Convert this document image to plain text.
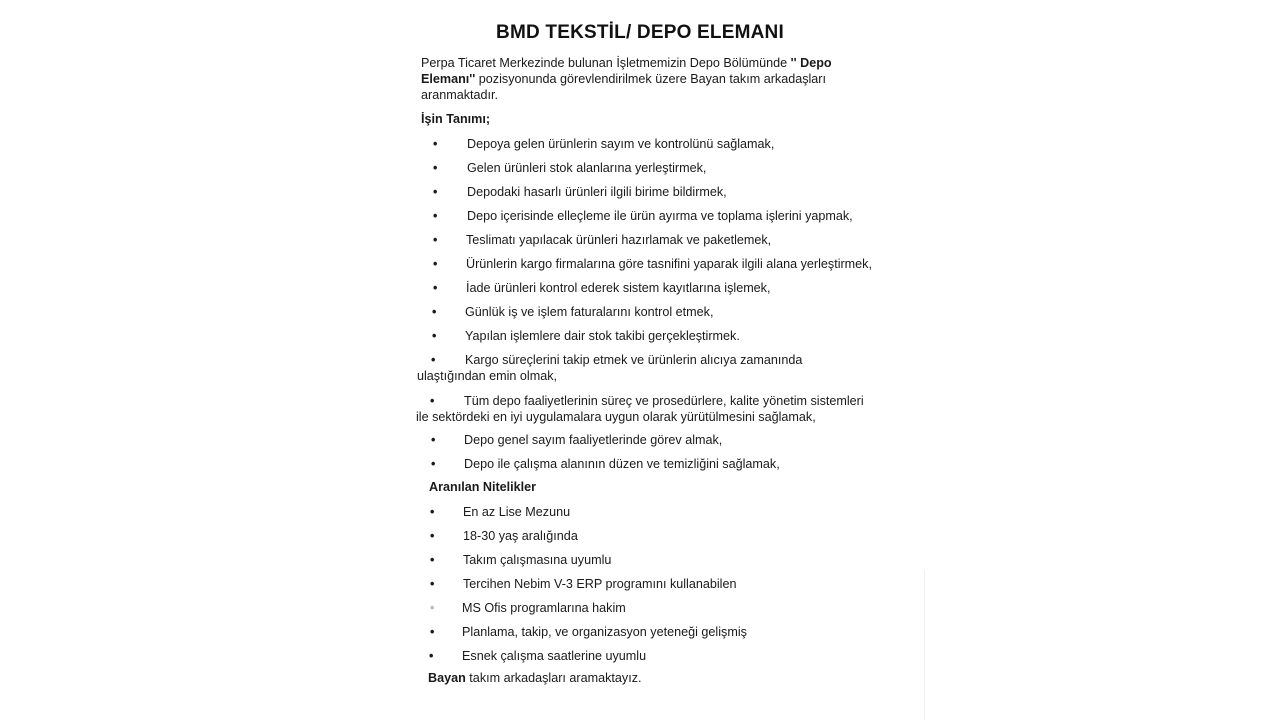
BMD TEKSTİL/ DEPO ELEMANI
Perpa Ticaret Merkezinde bulunan İşletmemizin Depo Bölümünde '' Depo Elemanı'' pozisyonunda görevlendirilmek üzere Bayan takım arkadaşları aranmaktadır.
İşin Tanımı;
• Depoya gelen ürünlerin sayım ve kontrolünü sağlamak,
• Gelen ürünleri stok alanlarına yerleştirmek,
• Depodaki hasarlı ürünleri ilgili birime bildirmek,
• Depo içerisinde elleçleme ile ürün ayırma ve toplama işlerini yapmak,
• Teslimatı yapılacak ürünleri hazırlamak ve paketlemek,
• Ürünlerin kargo firmalarına göre tasnifini yaparak ilgili alana yerleştirmek,
• İade ürünleri kontrol ederek sistem kayıtlarına işlemek,
• Günlük iş ve işlem faturalarını kontrol etmek,
• Yapılan işlemlere dair stok takibi gerçekleştirmek.
• Kargo süreçlerini takip etmek ve ürünlerin alıcıya zamanında ulaştığından emin olmak,
• Tüm depo faaliyetlerinin süreç ve prosedürlere, kalite yönetim sistemleri ile sektördeki en iyi uygulamalara uygun olarak yürütülmesini sağlamak,
• Depo genel sayım faaliyetlerinde görev almak,
• Depo ile çalışma alanının düzen ve temizliğini sağlamak,
Aranılan Nitelikler
• En az Lise Mezunu
• 18-30 yaş aralığında
• Takım çalışmasına uyumlu
• Tercihen Nebim V-3 ERP programını kullanabilen
• MS Ofis programlarına hakim
• Planlama, takip, ve organizasyon yeteneği gelişmiş
• Esnek çalışma saatlerine uyumlu
Bayan takım arkadaşları aramaktayız.
